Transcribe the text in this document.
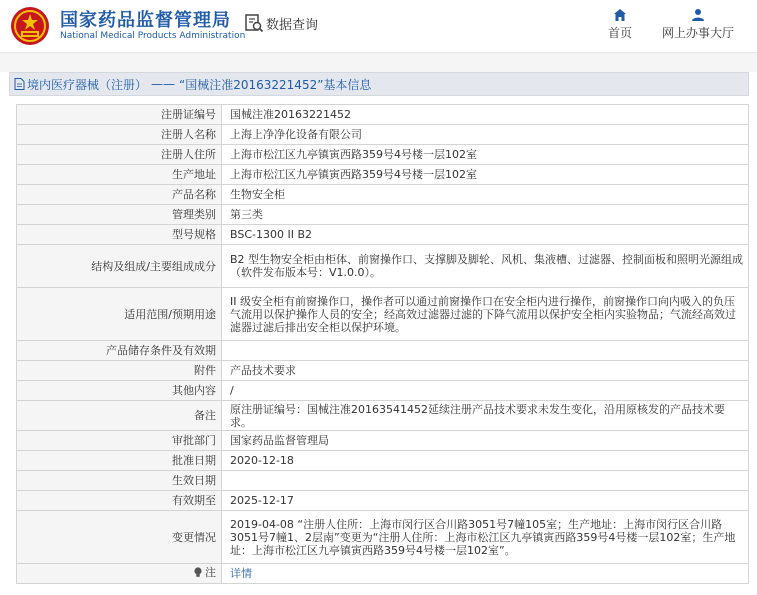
国家药品监督管理局
National Medical Products Administration
数据查询
首页 网上办事大厅
境内医疗器械（注册） —— “国械注准20163221452”基本信息
注册证编号	国械注准20163221452
注册人名称	上海上净净化设备有限公司
注册人住所	上海市松江区九亭镇寅西路359号4号楼一层102室
生产地址	上海市松江区九亭镇寅西路359号4号楼一层102室
产品名称	生物安全柜
管理类别	第三类
型号规格	BSC-1300 II B2
结构及组成/主要组成成分	B2 型生物安全柜由柜体、前窗操作口、支撑脚及脚轮、风机、集液槽、过滤器、控制面板和照明光源组成（软件发布版本号：V1.0.0）。
适用范围/预期用途	II 级安全柜有前窗操作口，操作者可以通过前窗操作口在安全柜内进行操作，前窗操作口向内吸入的负压气流用以保护操作人员的安全；经高效过滤器过滤的下降气流用以保护安全柜内实验物品；气流经高效过滤器过滤后排出安全柜以保护环境。
产品储存条件及有效期	
附件	产品技术要求
其他内容	/
备注	原注册证编号：国械注准20163541452延续注册产品技术要求未发生变化，沿用原核发的产品技术要求。
审批部门	国家药品监督管理局
批准日期	2020-12-18
生效日期	
有效期至	2025-12-17
变更情况	2019-04-08 “注册人住所：上海市闵行区合川路3051号7幢105室；生产地址：上海市闵行区合川路3051号7幢1、2层南”变更为“注册人住所：上海市松江区九亭镇寅西路359号4号楼一层102室；生产地址：上海市松江区九亭镇寅西路359号4号楼一层102室”。

注	详情
